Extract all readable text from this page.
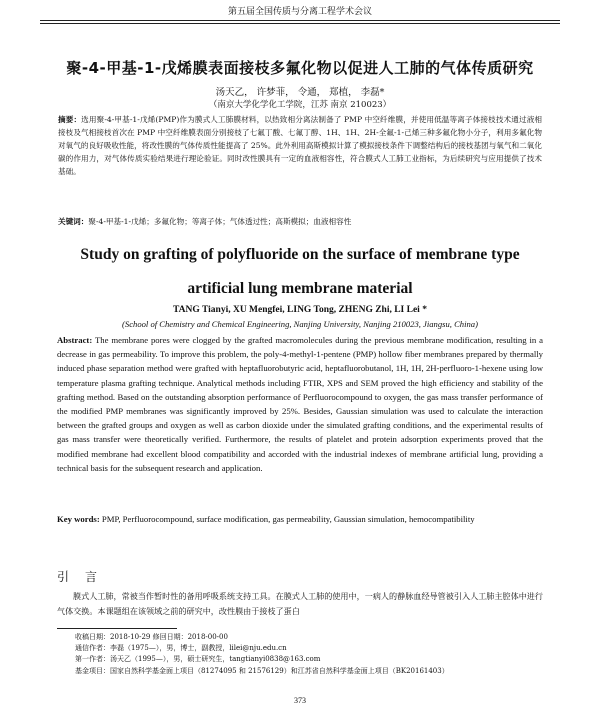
第五届全国传质与分离工程学术会议
聚-4-甲基-1-戊烯膜表面接枝多氟化物以促进人工肺的气体传质研究
汤天乙， 许梦菲， 令通， 郑植， 李磊*
（南京大学化学化工学院，江苏 南京 210023）
摘要：选用聚-4-甲基-1-戊烯(PMP)作为膜式人工肺膜材料，以热致相分离法制备了 PMP 中空纤维膜，并使用低温等离子体接枝技术通过液相接枝及气相接枝首次在 PMP 中空纤维膜表面分别接枝了七氟丁酸、七氟丁醇、1H、1H、2H-全氟-1-己烯三种多氟化物小分子，利用多氟化物对氧气的良好吸收性能，将改性膜的气体传质性能提高了 25%。此外利用高斯模拟计算了模拟接枝条件下调整结构后的接枝基团与氧气和二氧化碳的作用力，对气体传质实验结果进行理论验证。同时改性膜具有一定的血液相容性，符合膜式人工肺工业指标，为后续研究与应用提供了技术基础。
关键词：聚-4-甲基-1-戊烯；多氟化物；等离子体；气体透过性；高斯模拟；血液相容性
Study on grafting of polyfluoride on the surface of membrane type
artificial lung membrane material
TANG Tianyi, XU Mengfei, LING Tong, ZHENG Zhi, LI Lei *
(School of Chemistry and Chemical Engineering, Nanjing University, Nanjing 210023, Jiangsu, China)
Abstract: The membrane pores were clogged by the grafted macromolecules during the previous membrane modification, resulting in a decrease in gas permeability. To improve this problem, the poly-4-methyl-1-pentene (PMP) hollow fiber membranes prepared by thermally induced phase separation method were grafted with heptafluorobutyric acid, heptafluorobutanol, 1H, 1H, 2H-perfluoro-1-hexene using low temperature plasma grafting technique. Analytical methods including FTIR, XPS and SEM proved the high efficiency and stability of the grafting method. Based on the outstanding absorption performance of Perfluorocompound to oxygen, the gas mass transfer performance of the modified PMP membranes was significantly improved by 25%. Besides, Gaussian simulation was used to calculate the interaction between the grafted groups and oxygen as well as carbon dioxide under the simulated grafting conditions, and the experimental results of gas mass transfer were theoretically verified. Furthermore, the results of platelet and protein adsorption experiments proved that the modified membrane had excellent blood compatibility and accorded with the industrial indexes of membrane artificial lung, providing a technical basis for the subsequent research and application.
Key words: PMP, Perfluorocompound, surface modification, gas permeability, Gaussian simulation, hemocompatibility
引言
膜式人工肺，常被当作暂时性的备用呼吸系统支持工具。在膜式人工肺的使用中，一病人的静脉血经导管被引入人工肺主腔体中进行气体交换。本课题组在该领域之前的研究中，改性膜由于接枝了蛋白
收稿日期：2018-10-29 修回日期：2018-00-00
通信作者：李磊（1975—），男，博士，副教授，lilei@nju.edu.cn
第一作者：汤天乙（1995—），男，硕士研究生，tangtianyi0838@163.com
基金项目：国家自然科学基金面上项目（81274095 和 21576129）和江苏省自然科学基金面上项目（BK20161403）
373
